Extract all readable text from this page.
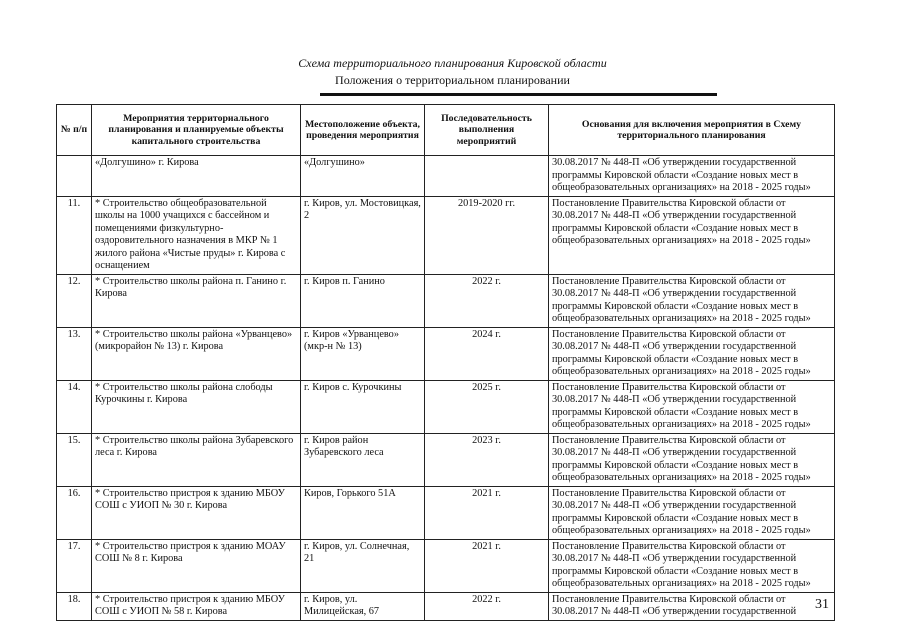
Схема территориального планирования Кировской области
Положения о территориальном планировании
№ п/п	Мероприятия территориального планирования и планируемые объекты капитального строительства	Местоположение объекта, проведения мероприятия	Последовательность выполнения мероприятий	Основания для включения мероприятия в Схему территориального планирования
	«Долгушино» г. Кирова	«Долгушино»		30.08.2017 № 448-П «Об утверждении государственной программы Кировской области «Создание новых мест в общеобразовательных организациях» на 2018 - 2025 годы»
11.	* Строительство общеобразовательной школы на 1000 учащихся с бассейном и помещениями физкультурно-оздоровительного назначения в МКР № 1 жилого района «Чистые пруды» г. Кирова с оснащением	г. Киров, ул. Мостовицкая, 2	2019-2020 гг.	Постановление Правительства Кировской области от 30.08.2017 № 448-П «Об утверждении государственной программы Кировской области «Создание новых мест в общеобразовательных организациях» на 2018 - 2025 годы»
12.	* Строительство школы района п. Ганино г. Кирова	г. Киров п. Ганино	2022 г.	Постановление Правительства Кировской области от 30.08.2017 № 448-П «Об утверждении государственной программы Кировской области «Создание новых мест в общеобразовательных организациях» на 2018 - 2025 годы»
13.	* Строительство школы района «Урванцево» (микрорайон № 13) г. Кирова	г. Киров «Урванцево» (мкр-н № 13)	2024 г.	Постановление Правительства Кировской области от 30.08.2017 № 448-П «Об утверждении государственной программы Кировской области «Создание новых мест в общеобразовательных организациях» на 2018 - 2025 годы»
14.	* Строительство школы района слободы Курочкины г. Кирова	г. Киров с. Курочкины	2025 г.	Постановление Правительства Кировской области от 30.08.2017 № 448-П «Об утверждении государственной программы Кировской области «Создание новых мест в общеобразовательных организациях» на 2018 - 2025 годы»
15.	* Строительство школы района Зубаревского леса г. Кирова	г. Киров район Зубаревского леса	2023 г.	Постановление Правительства Кировской области от 30.08.2017 № 448-П «Об утверждении государственной программы Кировской области «Создание новых мест в общеобразовательных организациях» на 2018 - 2025 годы»
16.	* Строительство пристроя к зданию МБОУ СОШ с УИОП № 30 г. Кирова	Киров, Горького 51А	2021 г.	Постановление Правительства Кировской области от 30.08.2017 № 448-П «Об утверждении государственной программы Кировской области «Создание новых мест в общеобразовательных организациях» на 2018 - 2025 годы»
17.	* Строительство пристроя к зданию МОАУ СОШ № 8 г. Кирова	г. Киров, ул. Солнечная, 21	2021 г.	Постановление Правительства Кировской области от 30.08.2017 № 448-П «Об утверждении государственной программы Кировской области «Создание новых мест в общеобразовательных организациях» на 2018 - 2025 годы»
18.	* Строительство пристроя к зданию МБОУ СОШ с УИОП № 58 г. Кирова	г. Киров, ул. Милицейская, 67	2022 г.	Постановление Правительства Кировской области от 30.08.2017 № 448-П «Об утверждении государственной 31
